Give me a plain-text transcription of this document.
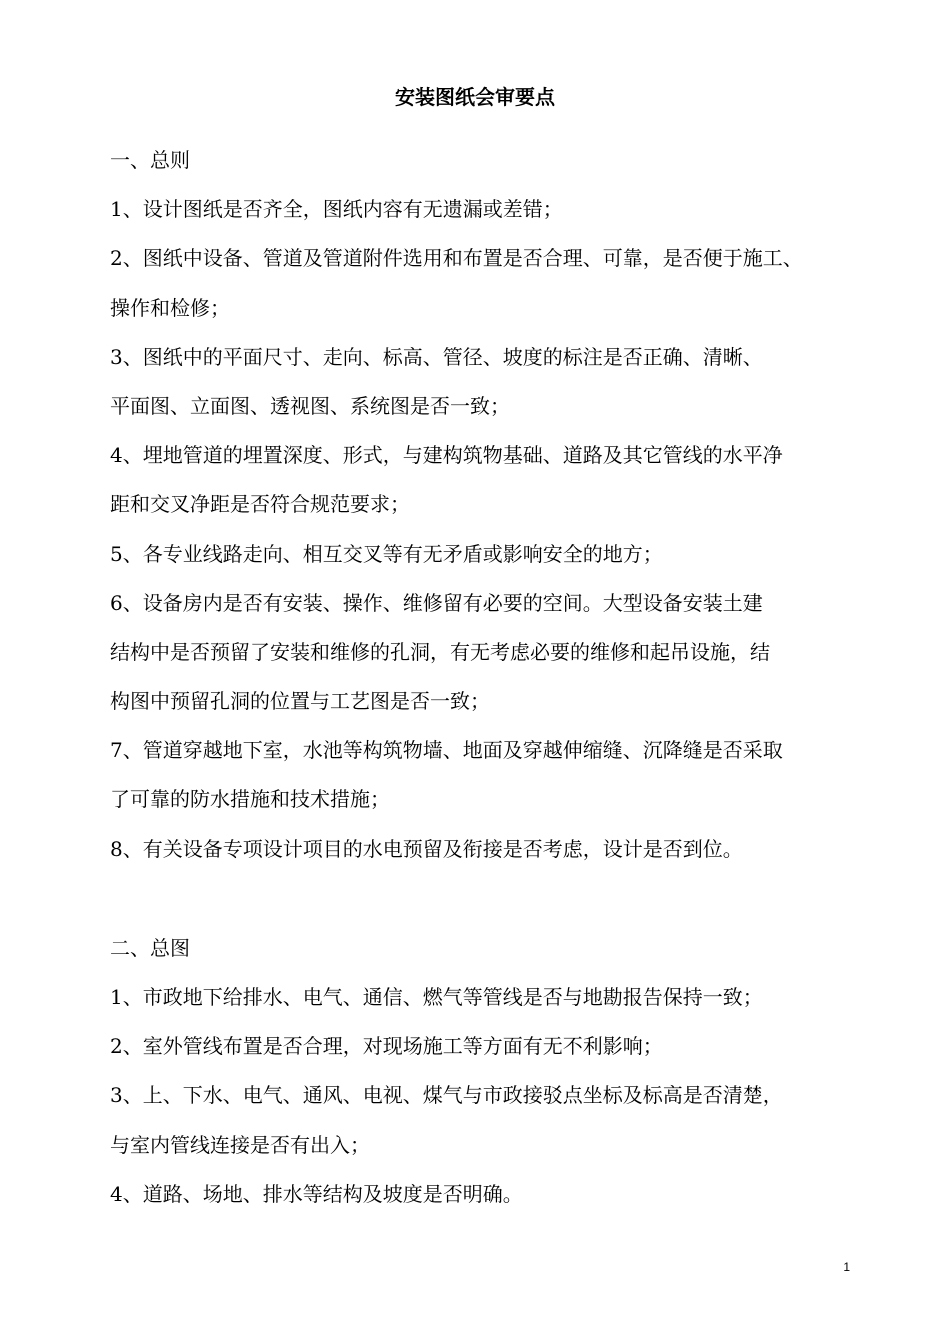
安装图纸会审要点
一、总则
1、设计图纸是否齐全，图纸内容有无遗漏或差错；
2、图纸中设备、管道及管道附件选用和布置是否合理、可靠，是否便于施工、
操作和检修；
3、图纸中的平面尺寸、走向、标高、管径、坡度的标注是否正确、清晰、
平面图、立面图、透视图、系统图是否一致；
4、埋地管道的埋置深度、形式，与建构筑物基础、道路及其它管线的水平净
距和交叉净距是否符合规范要求；
5、各专业线路走向、相互交叉等有无矛盾或影响安全的地方；
6、设备房内是否有安装、操作、维修留有必要的空间。大型设备安装土建
结构中是否预留了安装和维修的孔洞，有无考虑必要的维修和起吊设施，结
构图中预留孔洞的位置与工艺图是否一致；
7、管道穿越地下室，水池等构筑物墙、地面及穿越伸缩缝、沉降缝是否采取
了可靠的防水措施和技术措施；
8、有关设备专项设计项目的水电预留及衔接是否考虑，设计是否到位。
二、总图
1、市政地下给排水、电气、通信、燃气等管线是否与地勘报告保持一致；
2、室外管线布置是否合理，对现场施工等方面有无不利影响；
3、上、下水、电气、通风、电视、煤气与市政接驳点坐标及标高是否清楚，
与室内管线连接是否有出入；
4、道路、场地、排水等结构及坡度是否明确。
1
